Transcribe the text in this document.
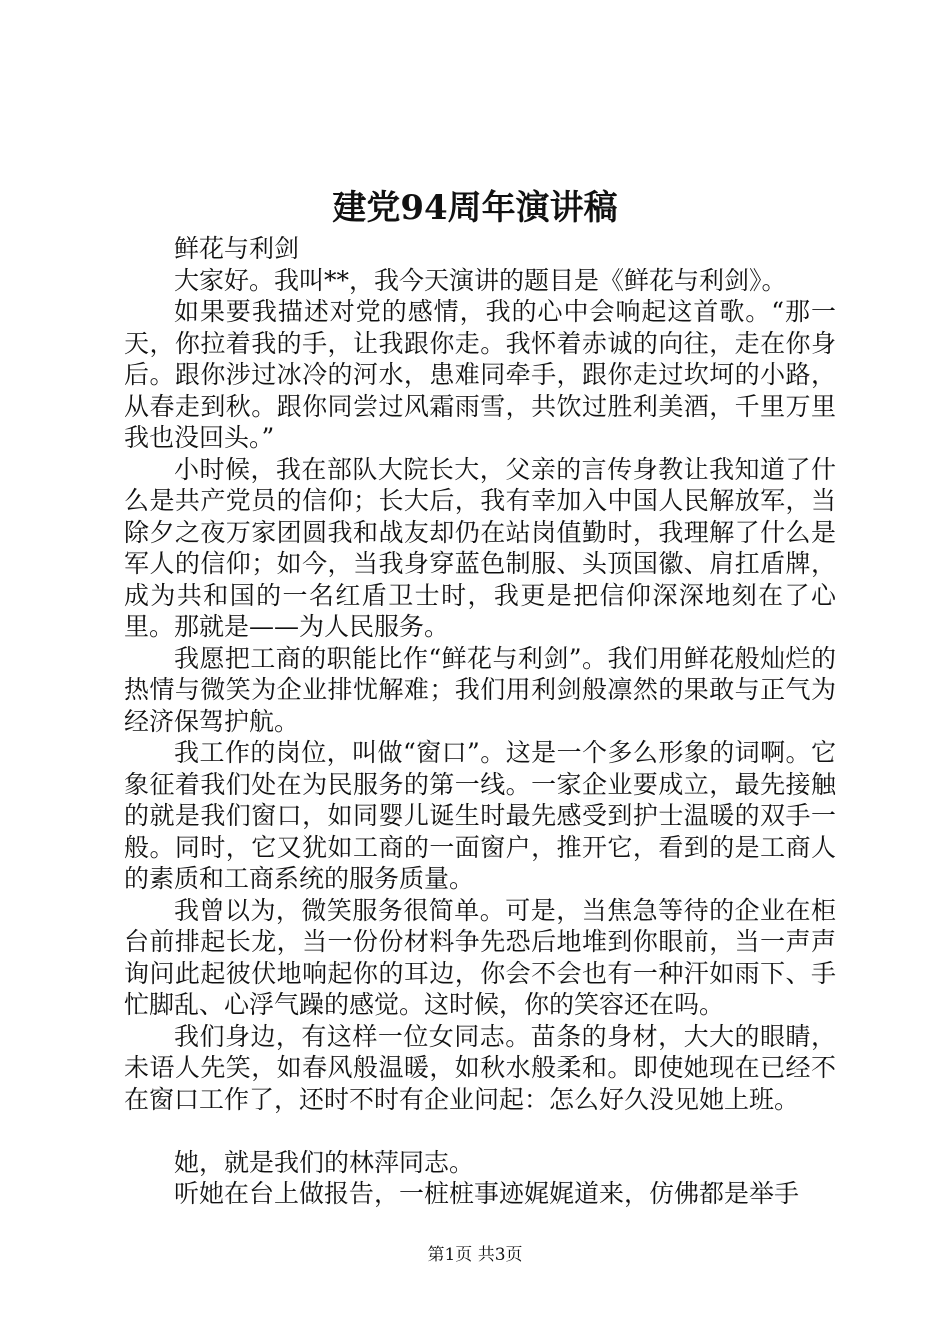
建党94周年演讲稿

鲜花与利剑

大家好。我叫**，我今天演讲的题目是《鲜花与利剑》。

如果要我描述对党的感情，我的心中会响起这首歌。“那一天，你拉着我的手，让我跟你走。我怀着赤诚的向往，走在你身后。跟你涉过冰冷的河水，患难同牵手，跟你走过坎坷的小路，从春走到秋。跟你同尝过风霜雨雪，共饮过胜利美酒，千里万里我也没回头。”

小时候，我在部队大院长大，父亲的言传身教让我知道了什么是共产党员的信仰；长大后，我有幸加入中国人民解放军，当除夕之夜万家团圆我和战友却仍在站岗值勤时，我理解了什么是军人的信仰；如今，当我身穿蓝色制服、头顶国徽、肩扛盾牌，成为共和国的一名红盾卫士时，我更是把信仰深深地刻在了心里。那就是——为人民服务。

我愿把工商的职能比作“鲜花与利剑”。我们用鲜花般灿烂的热情与微笑为企业排忧解难；我们用利剑般凛然的果敢与正气为经济保驾护航。

我工作的岗位，叫做“窗口”。这是一个多么形象的词啊。它象征着我们处在为民服务的第一线。一家企业要成立，最先接触的就是我们窗口，如同婴儿诞生时最先感受到护士温暖的双手一般。同时，它又犹如工商的一面窗户，推开它，看到的是工商人的素质和工商系统的服务质量。

我曾以为，微笑服务很简单。可是，当焦急等待的企业在柜台前排起长龙，当一份份材料争先恐后地堆到你眼前，当一声声询问此起彼伏地响起你的耳边，你会不会也有一种汗如雨下、手忙脚乱、心浮气躁的感觉。这时候，你的笑容还在吗。

我们身边，有这样一位女同志。苗条的身材，大大的眼睛，未语人先笑，如春风般温暖，如秋水般柔和。即使她现在已经不在窗口工作了，还时不时有企业问起：怎么好久没见她上班。

她，就是我们的林萍同志。

听她在台上做报告，一桩桩事迹娓娓道来，仿佛都是举手

第1页 共3页
